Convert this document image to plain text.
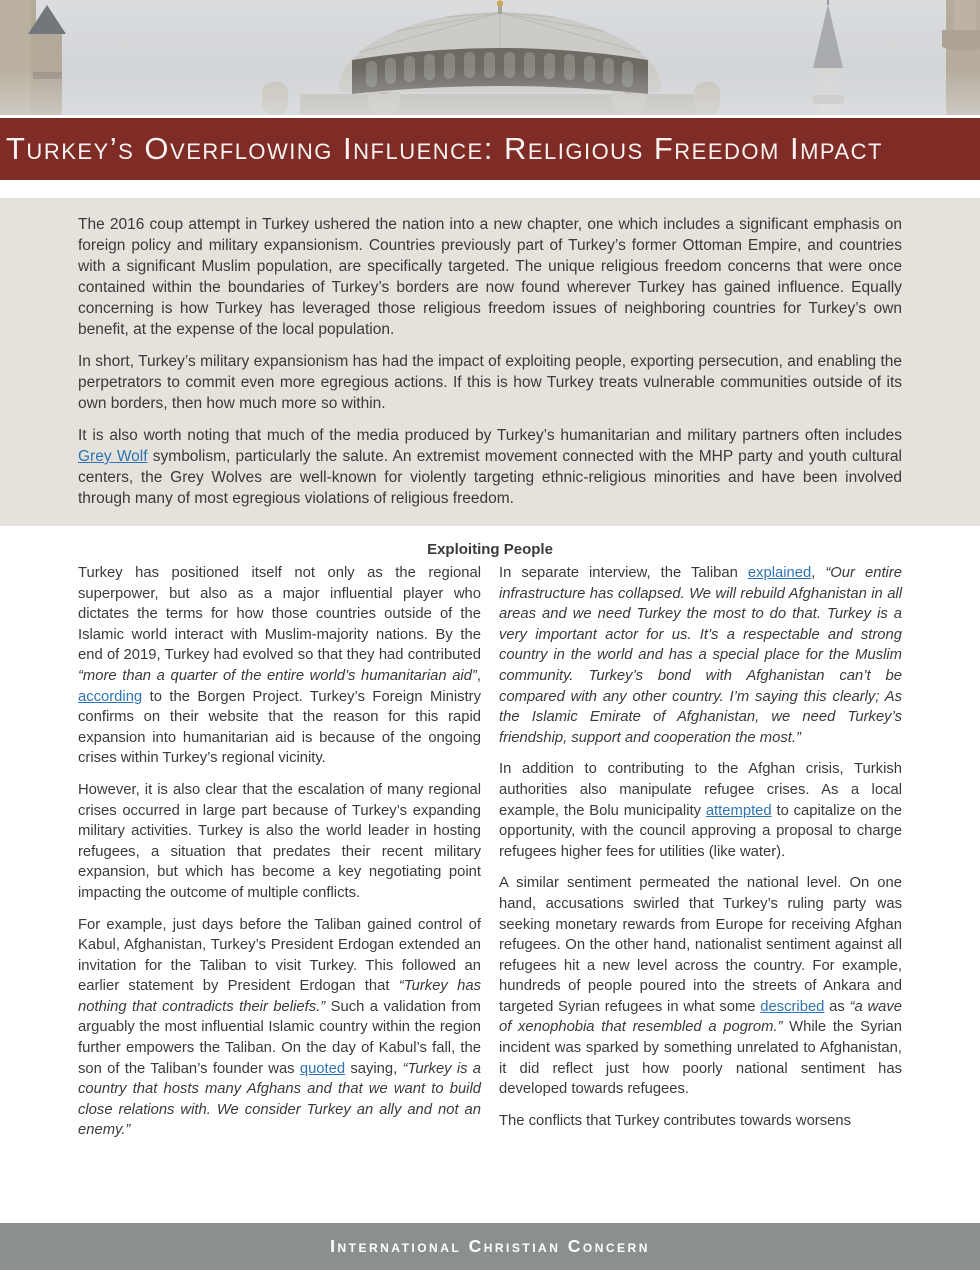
Turkey’s Overflowing Influence: Religious Freedom Impact

The 2016 coup attempt in Turkey ushered the nation into a new chapter, one which includes a significant emphasis on foreign policy and military expansionism. Countries previously part of Turkey’s former Ottoman Empire, and countries with a significant Muslim population, are specifically targeted. The unique religious freedom concerns that were once contained within the boundaries of Turkey’s borders are now found wherever Turkey has gained influence. Equally concerning is how Turkey has leveraged those religious freedom issues of neighboring countries for Turkey’s own benefit, at the expense of the local population.

In short, Turkey’s military expansionism has had the impact of exploiting people, exporting persecution, and enabling the perpetrators to commit even more egregious actions. If this is how Turkey treats vulnerable communities outside of its own borders, then how much more so within.

It is also worth noting that much of the media produced by Turkey’s humanitarian and military partners often includes Grey Wolf symbolism, particularly the salute. An extremist movement connected with the MHP party and youth cultural centers, the Grey Wolves are well-known for violently targeting ethnic-religious minorities and have been involved through many of most egregious violations of religious freedom.

Exploiting People

Turkey has positioned itself not only as the regional superpower, but also as a major influential player who dictates the terms for how those countries outside of the Islamic world interact with Muslim-majority nations. By the end of 2019, Turkey had evolved so that they had contributed “more than a quarter of the entire world’s humanitarian aid”, according to the Borgen Project. Turkey’s Foreign Ministry confirms on their website that the reason for this rapid expansion into humanitarian aid is because of the ongoing crises within Turkey’s regional vicinity.

However, it is also clear that the escalation of many regional crises occurred in large part because of Turkey’s expanding military activities. Turkey is also the world leader in hosting refugees, a situation that predates their recent military expansion, but which has become a key negotiating point impacting the outcome of multiple conflicts.

For example, just days before the Taliban gained control of Kabul, Afghanistan, Turkey’s President Erdogan extended an invitation for the Taliban to visit Turkey. This followed an earlier statement by President Erdogan that “Turkey has nothing that contradicts their beliefs.” Such a validation from arguably the most influential Islamic country within the region further empowers the Taliban. On the day of Kabul’s fall, the son of the Taliban’s founder was quoted saying, “Turkey is a country that hosts many Afghans and that we want to build close relations with. We consider Turkey an ally and not an enemy.”

In separate interview, the Taliban explained, “Our entire infrastructure has collapsed. We will rebuild Afghanistan in all areas and we need Turkey the most to do that. Turkey is a very important actor for us. It’s a respectable and strong country in the world and has a special place for the Muslim community. Turkey’s bond with Afghanistan can’t be compared with any other country. I’m saying this clearly; As the Islamic Emirate of Afghanistan, we need Turkey’s friendship, support and cooperation the most.”

In addition to contributing to the Afghan crisis, Turkish authorities also manipulate refugee crises. As a local example, the Bolu municipality attempted to capitalize on the opportunity, with the council approving a proposal to charge refugees higher fees for utilities (like water).

A similar sentiment permeated the national level. On one hand, accusations swirled that Turkey’s ruling party was seeking monetary rewards from Europe for receiving Afghan refugees. On the other hand, nationalist sentiment against all refugees hit a new level across the country. For example, hundreds of people poured into the streets of Ankara and targeted Syrian refugees in what some described as “a wave of xenophobia that resembled a pogrom.” While the Syrian incident was sparked by something unrelated to Afghanistan, it did reflect just how poorly national sentiment has developed towards refugees.

The conflicts that Turkey contributes towards worsens

International Christian Concern
